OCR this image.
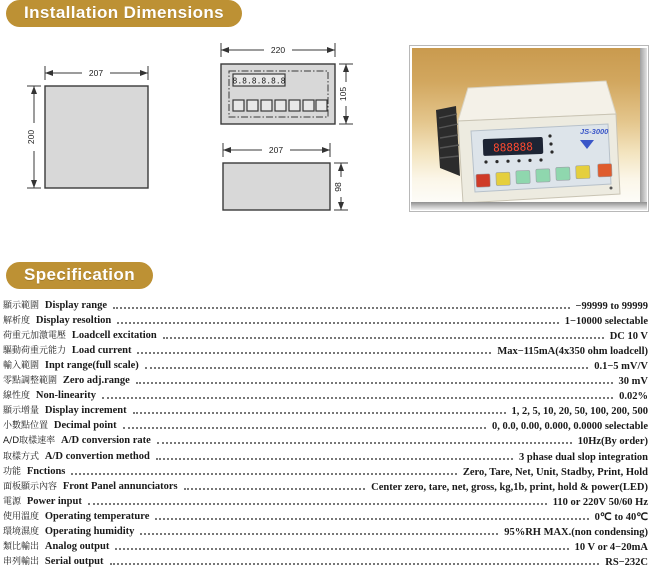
Installation Dimensions
207
200
220
105
8.8.8.8.8.8
207
98
888888
JS-3000
Specification
顯示範圍 Display range	−99999 to 99999
解析度 Display resoltion	1−10000 selectable
荷重元加激電壓 Loadcell excitation	DC 10 V
驅動荷重元能力 Load current	Max−115mA(4x350 ohm loadcell)
輸入範圍 Inpt range(full scale)	0.1−5 mV/V
零點調整範圍 Zero adj.range	30 mV
線性度 Non-linearity	0.02%
顯示增量 Display increment	1, 2, 5, 10, 20, 50, 100, 200, 500
小數點位置 Decimal point	0, 0.0, 0.00, 0.000, 0.0000 selectable
A/D取樣速率 A/D conversion rate	10Hz(By order)
取樣方式 A/D convertion method	3 phase dual slop integration
功能 Fnctions	Zero, Tare, Net, Unit, Stadby, Print, Hold
面板顯示內容 Front Panel annunciators	Center zero, tare, net, gross, kg,1b, print, hold & power(LED)
電源 Power input	110 or 220V 50/60 Hz
使用溫度 Operating temperature	0℃ to 40℃
環境濕度 Operating humidity	95%RH MAX.(non condensing)
類比輸出 Analog output	10 V or 4−20mA
串列輸出 Serial output	RS−232C
